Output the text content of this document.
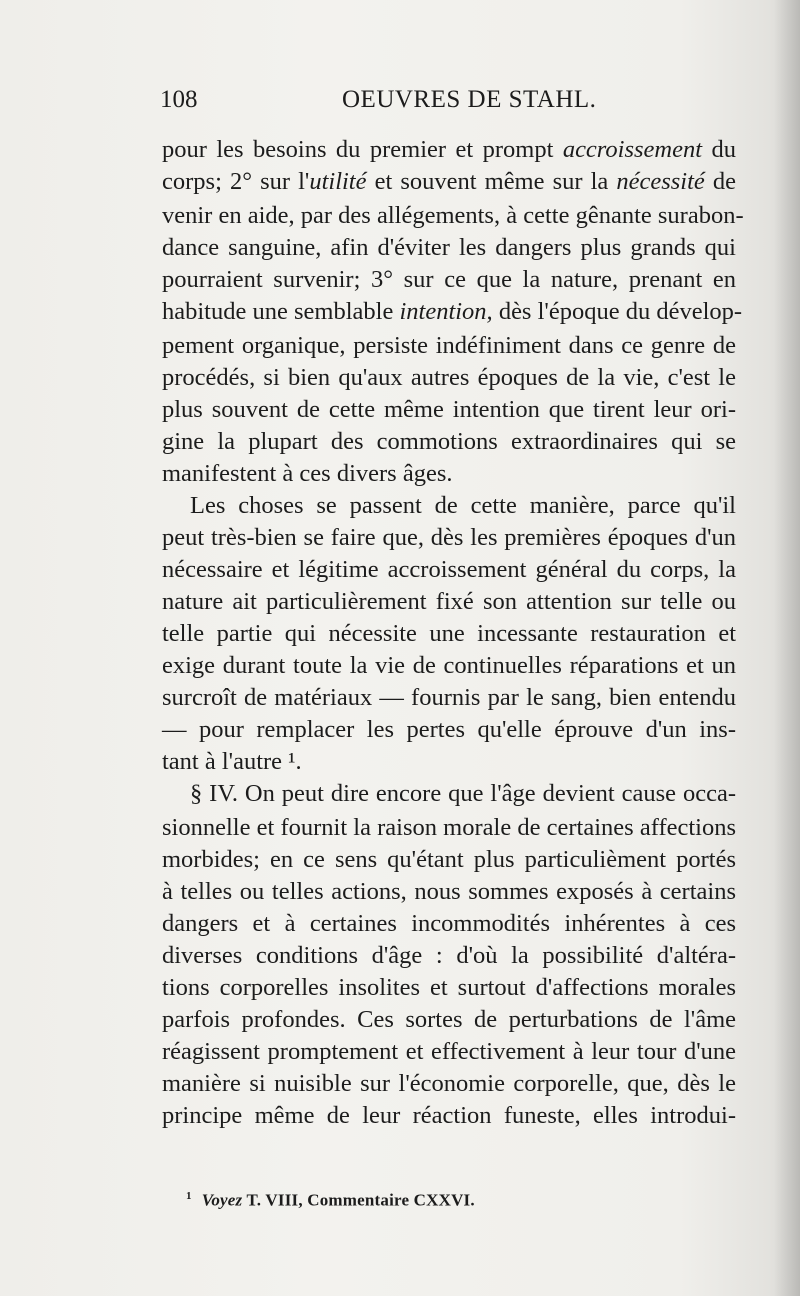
108	OEUVRES DE STAHL.
pour les besoins du premier et prompt accroissement du
corps; 2° sur l'utilité et souvent même sur la nécessité de
venir en aide, par des allégements, à cette gênante surabon-
dance sanguine, afin d'éviter les dangers plus grands qui
pourraient survenir; 3° sur ce que la nature, prenant en
habitude une semblable intention, dès l'époque du dévelop-
pement organique, persiste indéfiniment dans ce genre de
procédés, si bien qu'aux autres époques de la vie, c'est le
plus souvent de cette même intention que tirent leur ori-
gine la plupart des commotions extraordinaires qui se
manifestent à ces divers âges.
Les choses se passent de cette manière, parce qu'il
peut très-bien se faire que, dès les premières époques d'un
nécessaire et légitime accroissement général du corps, la
nature ait particulièrement fixé son attention sur telle ou
telle partie qui nécessite une incessante restauration et
exige durant toute la vie de continuelles réparations et un
surcroît de matériaux — fournis par le sang, bien entendu
— pour remplacer les pertes qu'elle éprouve d'un ins-
tant à l'autre ¹.
§ IV. On peut dire encore que l'âge devient cause occa-
sionnelle et fournit la raison morale de certaines affections
morbides; en ce sens qu'étant plus particulièment portés
à telles ou telles actions, nous sommes exposés à certains
dangers et à certaines incommodités inhérentes à ces
diverses conditions d'âge : d'où la possibilité d'altéra-
tions corporelles insolites et surtout d'affections morales
parfois profondes. Ces sortes de perturbations de l'âme
réagissent promptement et effectivement à leur tour d'une
manière si nuisible sur l'économie corporelle, que, dès le
principe même de leur réaction funeste, elles introdui-
$^1$ Voyez T. VIII, Commentaire CXXVI.
